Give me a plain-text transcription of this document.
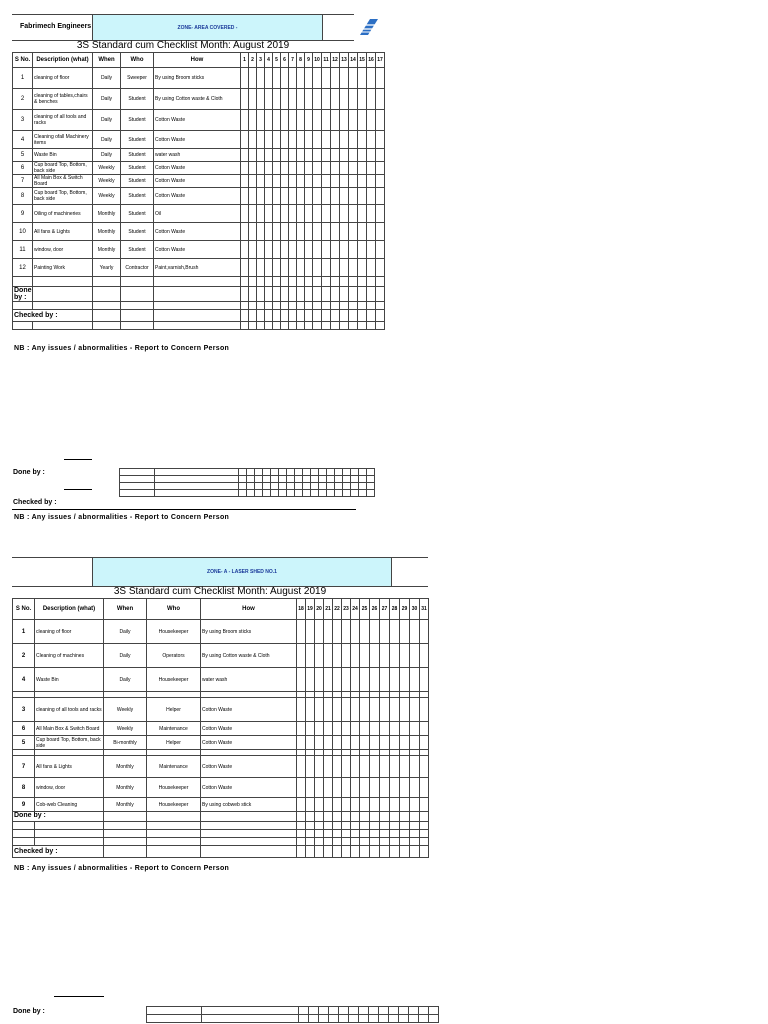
Fabrimech Engineers	ZONE- AREA COVERED -
3S Standard cum Checklist Month: August 2019
S No.	Description (what)	When	Who	How	1	2	3	4	5	6	7	8	9	10	11	12	13	14	15	16	17
1	cleaning of floor	Daily	Sweeper	By using Broom sticks																	
2	cleaning of tables,chairs & benches	Daily	Student	By using Cotton waste & Cloth																	
3	cleaning of all tools and racks	Daily	Student	Cotton Waste																	
4	Cleaning ofall Machinery items	Daily	Student	Cotton Waste																	
5	Waste Bin	Daily	Student	water wash																	
6	Cup board Top, Bottom, back side	Weekly	Student	Cotton Waste																	
7	All Main Box & Switch Board	Weekly	Student	Cotton Waste																	
8	Cup board Top, Bottom, back side	Weekly	Student	Cotton Waste																	
9	Oiling of machineries	Monthly	Student	Oil																	
10	All fans & Lights	Monthly	Student	Cotton Waste																	
11	window, door	Monthly	Student	Cotton Waste																	
12	Painting Work	Yearly	Contractor	Paint,varnish,Brush																	

Done by :																					

Checked by :																					

NB : Any issues / abnormalities - Report to Concern Person
Done by :

Checked by :
NB : Any issues / abnormalities - Report to Concern Person
ZONE- A - LASER SHED NO.1
3S Standard cum Checklist Month: August 2019
S No.	Description (what)	When	Who	How	18	19	20	21	22	23	24	25	26	27	28	29	30	31
1	cleaning of floor	Daily	Housekeeper	By using Broom sticks														
2	Cleaning of machines	Daily	Operators	By using Cotton waste & Cloth														
4	Waste Bin	Daily	Housekeeper	water wash														

3	cleaning of all tools and racks	Weekly	Helper	Cotton Waste														
6	All Main Box & Switch Board	Weekly	Maintenance	Cotton Waste														
5	Cup board Top, Bottom, back side	Bi-monthly	Helper	Cotton Waste														

7	All fans & Lights	Monthly	Maintenance	Cotton Waste														
8	window, door	Monthly	Housekeeper	Cotton Waste														
9	Cob-web Cleaning	Monthly	Housekeeper	By using cobweb stick														
Done by :																		

Checked by :																		
NB : Any issues / abnormalities - Report to Concern Person
Done by :
